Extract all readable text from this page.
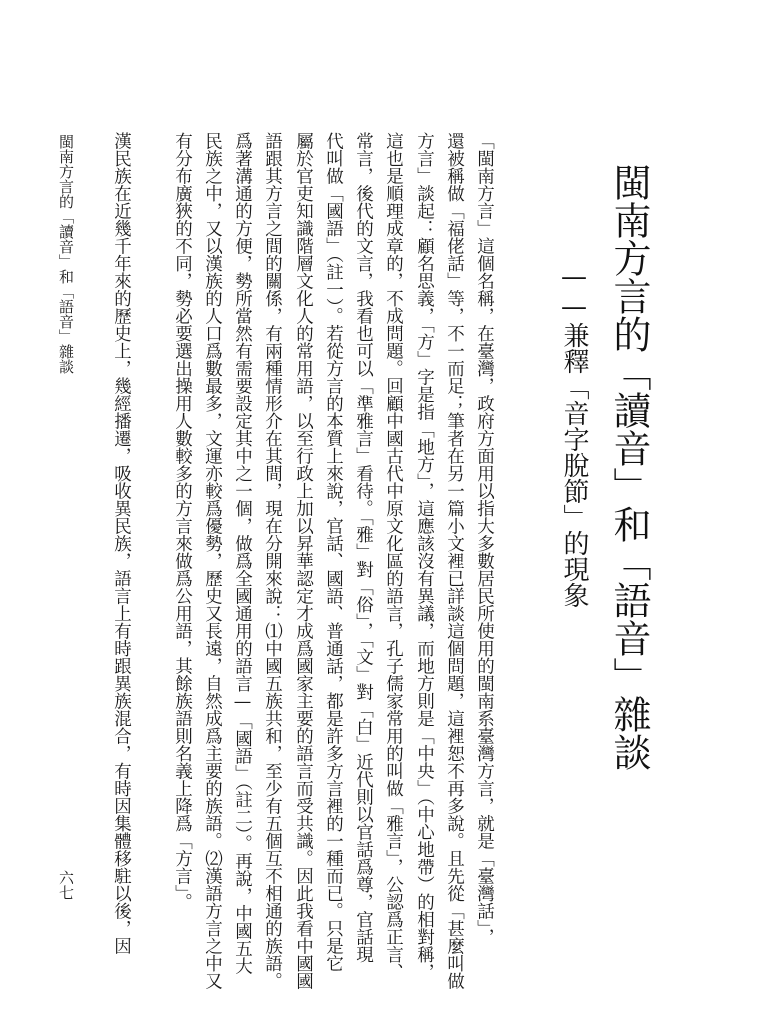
閩南方言的「讀音」和「語音」雜談
——兼釋「音字脫節」的現象
「閩南方言」這個名稱，在臺灣，政府方面用以指大多數居民所使用的閩南系臺灣方言，就是「臺灣話」，
還被稱做「福佬話」等，不一而足；筆者在另一篇小文裡已詳談這個問題，這裡恕不再多說。且先從「甚麼叫做
方言」談起：顧名思義，「方」字是指「地方」，這應該沒有異議，而地方則是「中央」（中心地帶）的相對稱，
這也是順理成章的，不成問題。回顧中國古代中原文化區的語言，孔子儒家常用的叫做「雅言」，公認爲正言、
常言，後代的文言，我看也可以「準雅言」看待。「雅」對「俗」，「文」對「白」近代則以官話爲尊，官話現
代叫做「國語」（註一）。若從方言的本質上來說，官話、國語、普通話，都是許多方言裡的一種而已。只是它
屬於官吏知識階層文化人的常用語，以至行政上加以昇華認定才成爲國家主要的語言而受共識。因此我看中國國
語跟其方言之間的關係，有兩種情形介在其間，現在分開來說：⑴中國五族共和，至少有五個互不相通的族語。
爲著溝通的方便，勢所當然有需要設定其中之一個，做爲全國通用的語言—「國語」（註二）。再說，中國五大
民族之中，又以漢族的人口爲數最多，文運亦較爲優勢，歷史又長遠，自然成爲主要的族語。⑵漢語方言之中又
有分布廣狹的不同，勢必要選出操用人數較多的方言來做爲公用語，其餘族語則名義上降爲「方言」。
漢民族在近幾千年來的歷史上，幾經播遷，吸收異民族，語言上有時跟異族混合，有時因集體移駐以後，因
閩南方言的「讀音」和「語音」雜談
六七
